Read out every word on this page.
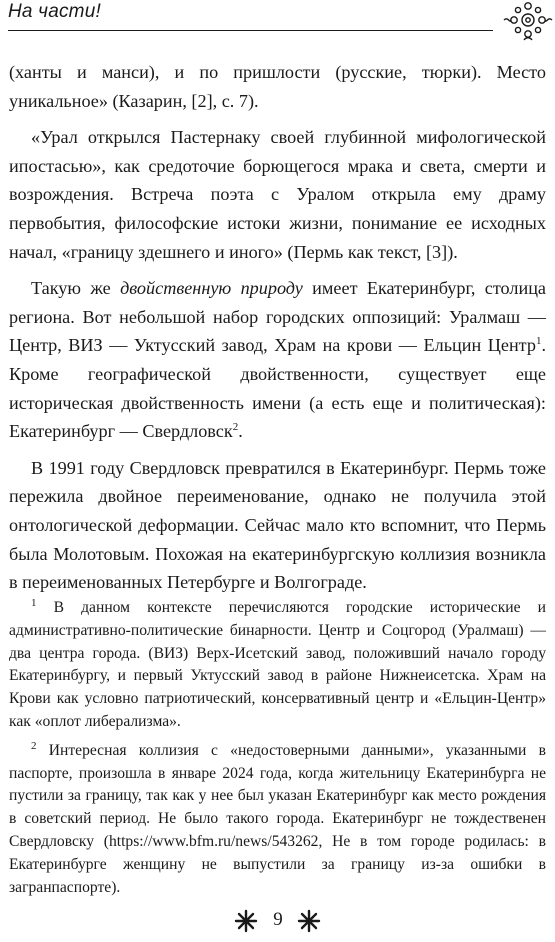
На части!

(ханты и манси), и по пришлости (русские, тюрки). Место уникальное» (Казарин, [2], с. 7).

«Урал открылся Пастернаку своей глубинной мифологической ипостасью», как средоточие борющегося мрака и света, смерти и возрождения. Встреча поэта с Уралом открыла ему драму первобытия, философские истоки жизни, понимание ее исходных начал, «границу здешнего и иного» (Пермь как текст, [3]).

Такую же двойственную природу имеет Екатеринбург, столица региона. Вот небольшой набор городских оппозиций: Уралмаш — Центр, ВИЗ — Уктусский завод, Храм на крови — Ельцин Центр$^1$. Кроме географической двойственности, существует еще историческая двойственность имени (а есть еще и политическая): Екатеринбург — Свердловск$^2$.

В 1991 году Свердловск превратился в Екатеринбург. Пермь тоже пережила двойное переименование, однако не получила этой онтологической деформации. Сейчас мало кто вспомнит, что Пермь была Молотовым. Похожая на екатеринбургскую коллизия возникла в переименованных Петербурге и Волгограде.

$^1$ В данном контексте перечисляются городские исторические и административно-политические бинарности. Центр и Соцгород (Уралмаш) — два центра города. (ВИЗ) Верх-Исетский завод, положивший начало городу Екатеринбургу, и первый Уктусский завод в районе Нижнеисетска. Храм на Крови как условно патриотический, консервативный центр и «Ельцин-Центр» как «оплот либерализма».

$^2$ Интересная коллизия с «недостоверными данными», указанными в паспорте, произошла в январе 2024 года, когда жительницу Екатеринбурга не пустили за границу, так как у нее был указан Екатеринбург как место рождения в советский период. Не было такого города. Екатеринбург не тождественен Свердловску (https://www.bfm.ru/news/543262, Не в том городе родилась: в Екатеринбурге женщину не выпустили за границу из-за ошибки в загранпаспорте).

9
